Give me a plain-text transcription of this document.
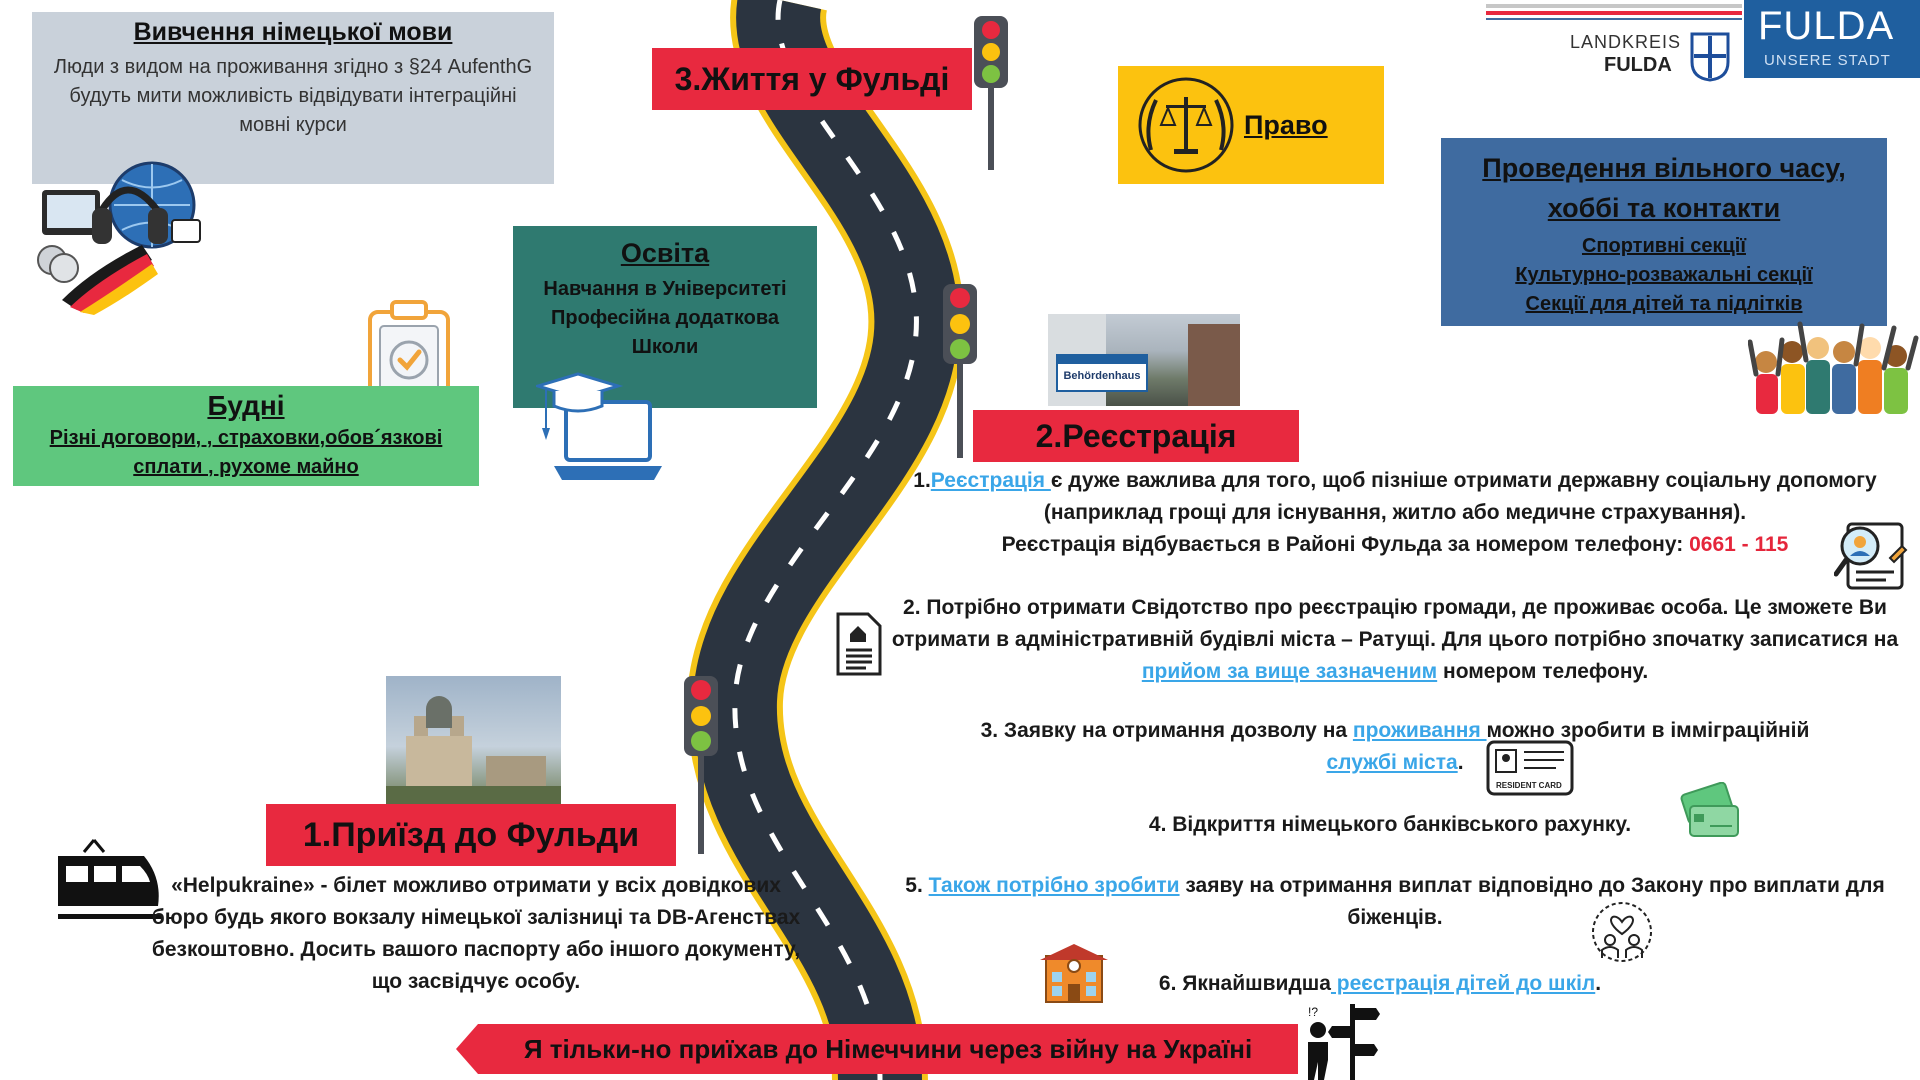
Вивчення німецької мови
Люди з видом на проживання згідно з §24 AufenthG будуть мити можливість відвідувати інтеграційні мовні курси
3.Життя у Фульді
Право
LANDKREIS
FULDA
FULDA
UNSERE STADT
Проведення вільного часу, хоббі та контакти
Спортивні секції
Культурно-розважальні секції
Секції для дітей та підлітків
Освіта
Навчання в Університеті
Професійна додаткова
Школи
Будні
Різні договори, , страховки,обов´язкові сплати , рухоме майно
Behördenhaus
2.Реєстрація
1.Реєстрація є дуже важлива для того, щоб пізніше отримати державну соціальну допомогу (наприклад грощі для існування, житло або медичне страхування).
Реєстрація відбувається в Районі Фульда за номером телефону: 0661 - 115
2. Потрібно отримати Свідотство про реєстрацію громади, де проживає особа. Це зможете Ви отримати в адміністративній будівлі міста – Ратущі. Для цього потрібно зпочатку записатися на прийом за вище зазначеним номером телефону.
3. Заявку на отримання дозволу на проживання можно зробити в імміграційній
службі міста.
RESIDENT CARD
4. Відкриття німецького банківського рахунку.
5. Також потрібно зробити заяву на отримання виплат відповідно до Закону про виплати для біженців.
6. Якнайшвидша реєстрація дітей до шкіл.
1.Приїзд до Фульди
«Helpukraine» - білет можливо отримати у всіх довідкових бюро будь якого вокзалу німецької залізниці та DB-Агенствах безкоштовно. Досить вашого паспорту або іншого документу, що засвідчує особу.
Я тільки-но приїхав до Німеччини через війну на Україні
!?
